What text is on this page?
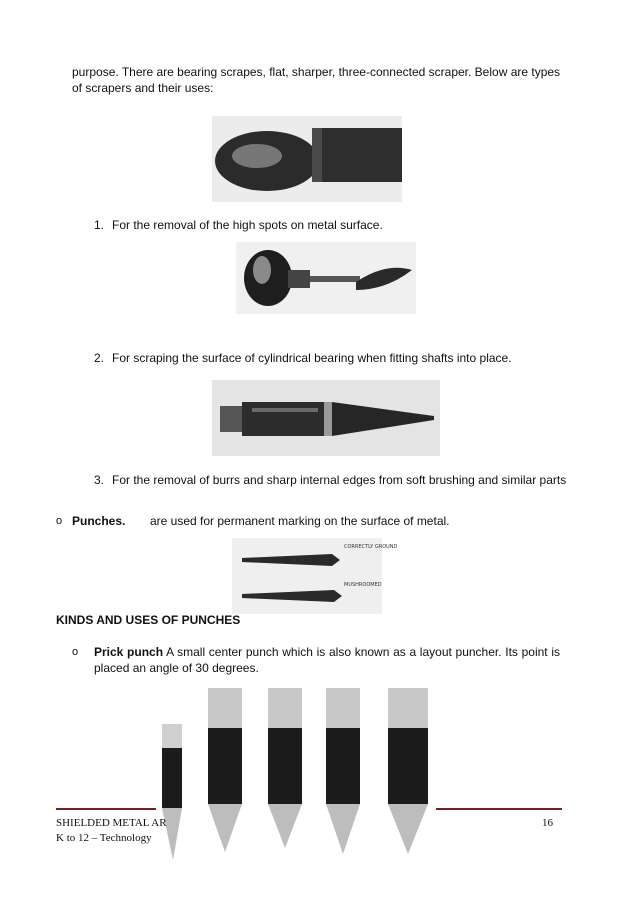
purpose. There are bearing scrapes, flat, sharper, three-connected scraper. Below are types of scrapers and their uses:
1. For the removal of the high spots on metal surface.
2. For scraping the surface of cylindrical bearing when fitting shafts into place.
3. For the removal of burrs and sharp internal edges from soft brushing and similar parts
o Punches. are used for permanent marking on the surface of metal.
CORRECTLY GROUND
MUSHROOMED
KINDS AND USES OF PUNCHES
o Prick punch A small center punch which is also known as a layout puncher. Its point is placed an angle of 30 degrees.
SHIELDED METAL AR
K to 12 – Technology
16
